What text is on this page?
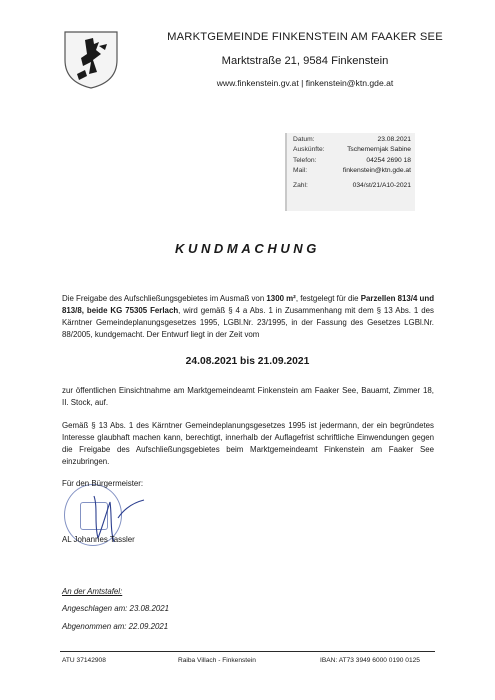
MARKTGEMEINDE FINKENSTEIN AM FAAKER SEE
Marktstraße 21, 9584 Finkenstein
www.finkenstein.gv.at | finkenstein@ktn.gde.at
Datum:	23.08.2021
Auskünfte:	Tschemernjak Sabine
Telefon:	04254 2690 18
Mail:	finkenstein@ktn.gde.at
Zahl:	034/st/21/A10-2021
KUNDMACHUNG
Die Freigabe des Aufschließungsgebietes im Ausmaß von 1300 m², festgelegt für die Parzellen 813/4 und 813/8, beide KG 75305 Ferlach, wird gemäß § 4 a Abs. 1 in Zusammenhang mit dem § 13 Abs. 1 des Kärntner Gemeindeplanungsgesetzes 1995, LGBl.Nr. 23/1995, in der Fassung des Gesetzes LGBl.Nr. 88/2005, kundgemacht. Der Entwurf liegt in der Zeit vom
24.08.2021 bis 21.09.2021
zur öffentlichen Einsichtnahme am Marktgemeindeamt Finkenstein am Faaker See, Bauamt, Zimmer 18, II. Stock, auf.
Gemäß § 13 Abs. 1 des Kärntner Gemeindeplanungsgesetzes 1995 ist jedermann, der ein begründetes Interesse glaubhaft machen kann, berechtigt, innerhalb der Auflagefrist schriftliche Einwendungen gegen die Freigabe des Aufschließungsgebietes beim Marktgemeindeamt Finkenstein am Faaker See einzubringen.
Für den Bürgermeister:
AL Johannes Tassler
An der Amtstafel:
Angeschlagen am: 23.08.2021
Abgenommen am: 22.09.2021
ATU 37142908	Raiba Villach - Finkenstein	IBAN: AT73 3949 6000 0190 0125
